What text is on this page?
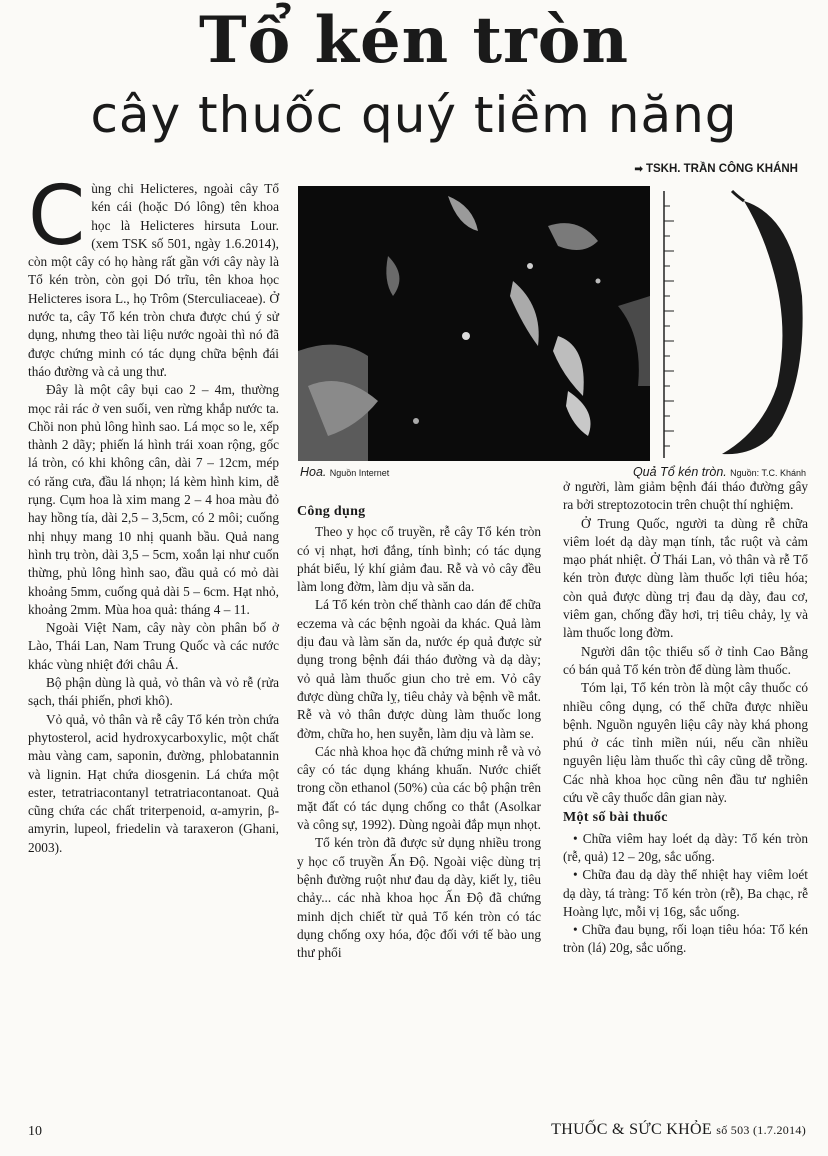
Tổ kén tròn
cây thuốc quý tiềm năng
➡ TSKH. TRẦN CÔNG KHÁNH

Cùng chi Helicteres, ngoài cây Tổ kén cái (hoặc Dó lông) tên khoa học là Helicteres hirsuta Lour. (xem TSK số 501, ngày 1.6.2014), còn một cây có họ hàng rất gần với cây này là Tổ kén tròn, còn gọi Dó trĩu, tên khoa học Helicteres isora L., họ Trôm (Sterculiaceae). Ở nước ta, cây Tổ kén tròn chưa được chú ý sử dụng, nhưng theo tài liệu nước ngoài thì nó đã được chứng minh có tác dụng chữa bệnh đái tháo đường và cả ung thư.

Đây là một cây bụi cao 2 – 4m, thường mọc rải rác ở ven suối, ven rừng khắp nước ta. Chồi non phủ lông hình sao. Lá mọc so le, xếp thành 2 dãy; phiến lá hình trái xoan rộng, gốc lá tròn, có khi không cân, dài 7 – 12cm, mép có răng cưa, đầu lá nhọn; lá kèm hình kim, dễ rụng. Cụm hoa là xim mang 2 – 4 hoa màu đỏ hay hồng tía, dài 2,5 – 3,5cm, có 2 môi; cuống nhị nhụy mang 10 nhị quanh bầu. Quả nang hình trụ tròn, dài 3,5 – 5cm, xoắn lại như cuốn thừng, phủ lông hình sao, đầu quả có mỏ dài khoảng 5mm, cuống quả dài 5 – 6cm. Hạt nhỏ, khoảng 2mm. Mùa hoa quả: tháng 4 – 11.

Ngoài Việt Nam, cây này còn phân bố ở Lào, Thái Lan, Nam Trung Quốc và các nước khác vùng nhiệt đới châu Á.

Bộ phận dùng là quả, vỏ thân và vỏ rễ (rửa sạch, thái phiến, phơi khô).

Vỏ quả, vỏ thân và rễ cây Tổ kén tròn chứa phytosterol, acid hydroxycarboxylic, một chất màu vàng cam, saponin, đường, phlobatannin và lignin. Hạt chứa diosgenin. Lá chứa một ester, tetratriacontanyl tetratriacontanoat. Quả cũng chứa các chất triterpenoid, α-amyrin, β-amyrin, lupeol, friedelin và taraxeron (Ghani, 2003).

Hoa. Nguồn Internet	Quả Tổ kén tròn. Nguồn: T.C. Khánh
Công dụng

Theo y học cổ truyền, rễ cây Tổ kén tròn có vị nhạt, hơi đắng, tính bình; có tác dụng phát biểu, lý khí giảm đau. Rễ và vỏ cây đều làm long đờm, làm dịu và săn da.

Lá Tổ kén tròn chế thành cao dán để chữa eczema và các bệnh ngoài da khác. Quả làm dịu đau và làm săn da, nước ép quả được sử dụng trong bệnh đái tháo đường và dạ dày; vỏ quả làm thuốc giun cho trẻ em. Vỏ cây được dùng chữa lỵ, tiêu chảy và bệnh về mắt. Rễ và vỏ thân được dùng làm thuốc long đờm, chữa ho, hen suyễn, làm dịu và làm se.

Các nhà khoa học đã chứng minh rễ và vỏ cây có tác dụng kháng khuẩn. Nước chiết trong cồn ethanol (50%) của các bộ phận trên mặt đất có tác dụng chống co thắt (Asolkar và công sự, 1992). Dùng ngoài đắp mụn nhọt.

Tổ kén tròn đã được sử dụng nhiều trong y học cổ truyền Ấn Độ. Ngoài việc dùng trị bệnh đường ruột như đau dạ dày, kiết lỵ, tiêu chảy... các nhà khoa học Ấn Độ đã chứng minh dịch chiết từ quả Tổ kén tròn có tác dụng chống oxy hóa, độc đối với tế bào ung thư phổi

ở người, làm giảm bệnh đái tháo đường gây ra bởi streptozotocin trên chuột thí nghiệm.

Ở Trung Quốc, người ta dùng rễ chữa viêm loét dạ dày mạn tính, tắc ruột và cảm mạo phát nhiệt. Ở Thái Lan, vỏ thân và rễ Tổ kén tròn được dùng làm thuốc lợi tiêu hóa; còn quả được dùng trị đau dạ dày, đau cơ, viêm gan, chống đầy hơi, trị tiêu chảy, lỵ và làm thuốc long đờm.

Người dân tộc thiểu số ở tỉnh Cao Bằng có bán quả Tổ kén tròn để dùng làm thuốc.

Tóm lại, Tổ kén tròn là một cây thuốc có nhiều công dụng, có thể chữa được nhiều bệnh. Nguồn nguyên liệu cây này khá phong phú ở các tỉnh miền núi, nếu cần nhiều nguyên liệu làm thuốc thì cây cũng dễ trồng. Các nhà khoa học cũng nên đầu tư nghiên cứu về cây thuốc dân gian này.

Một số bài thuốc

• Chữa viêm hay loét dạ dày: Tổ kén tròn (rễ, quả) 12 – 20g, sắc uống.

• Chữa đau dạ dày thể nhiệt hay viêm loét dạ dày, tá tràng: Tổ kén tròn (rễ), Ba chạc, rễ Hoàng lực, mỗi vị 16g, sắc uống.

• Chữa đau bụng, rối loạn tiêu hóa: Tổ kén tròn (lá) 20g, sắc uống.

10	THUỐC & SỨC KHỎE số 503 (1.7.2014)
